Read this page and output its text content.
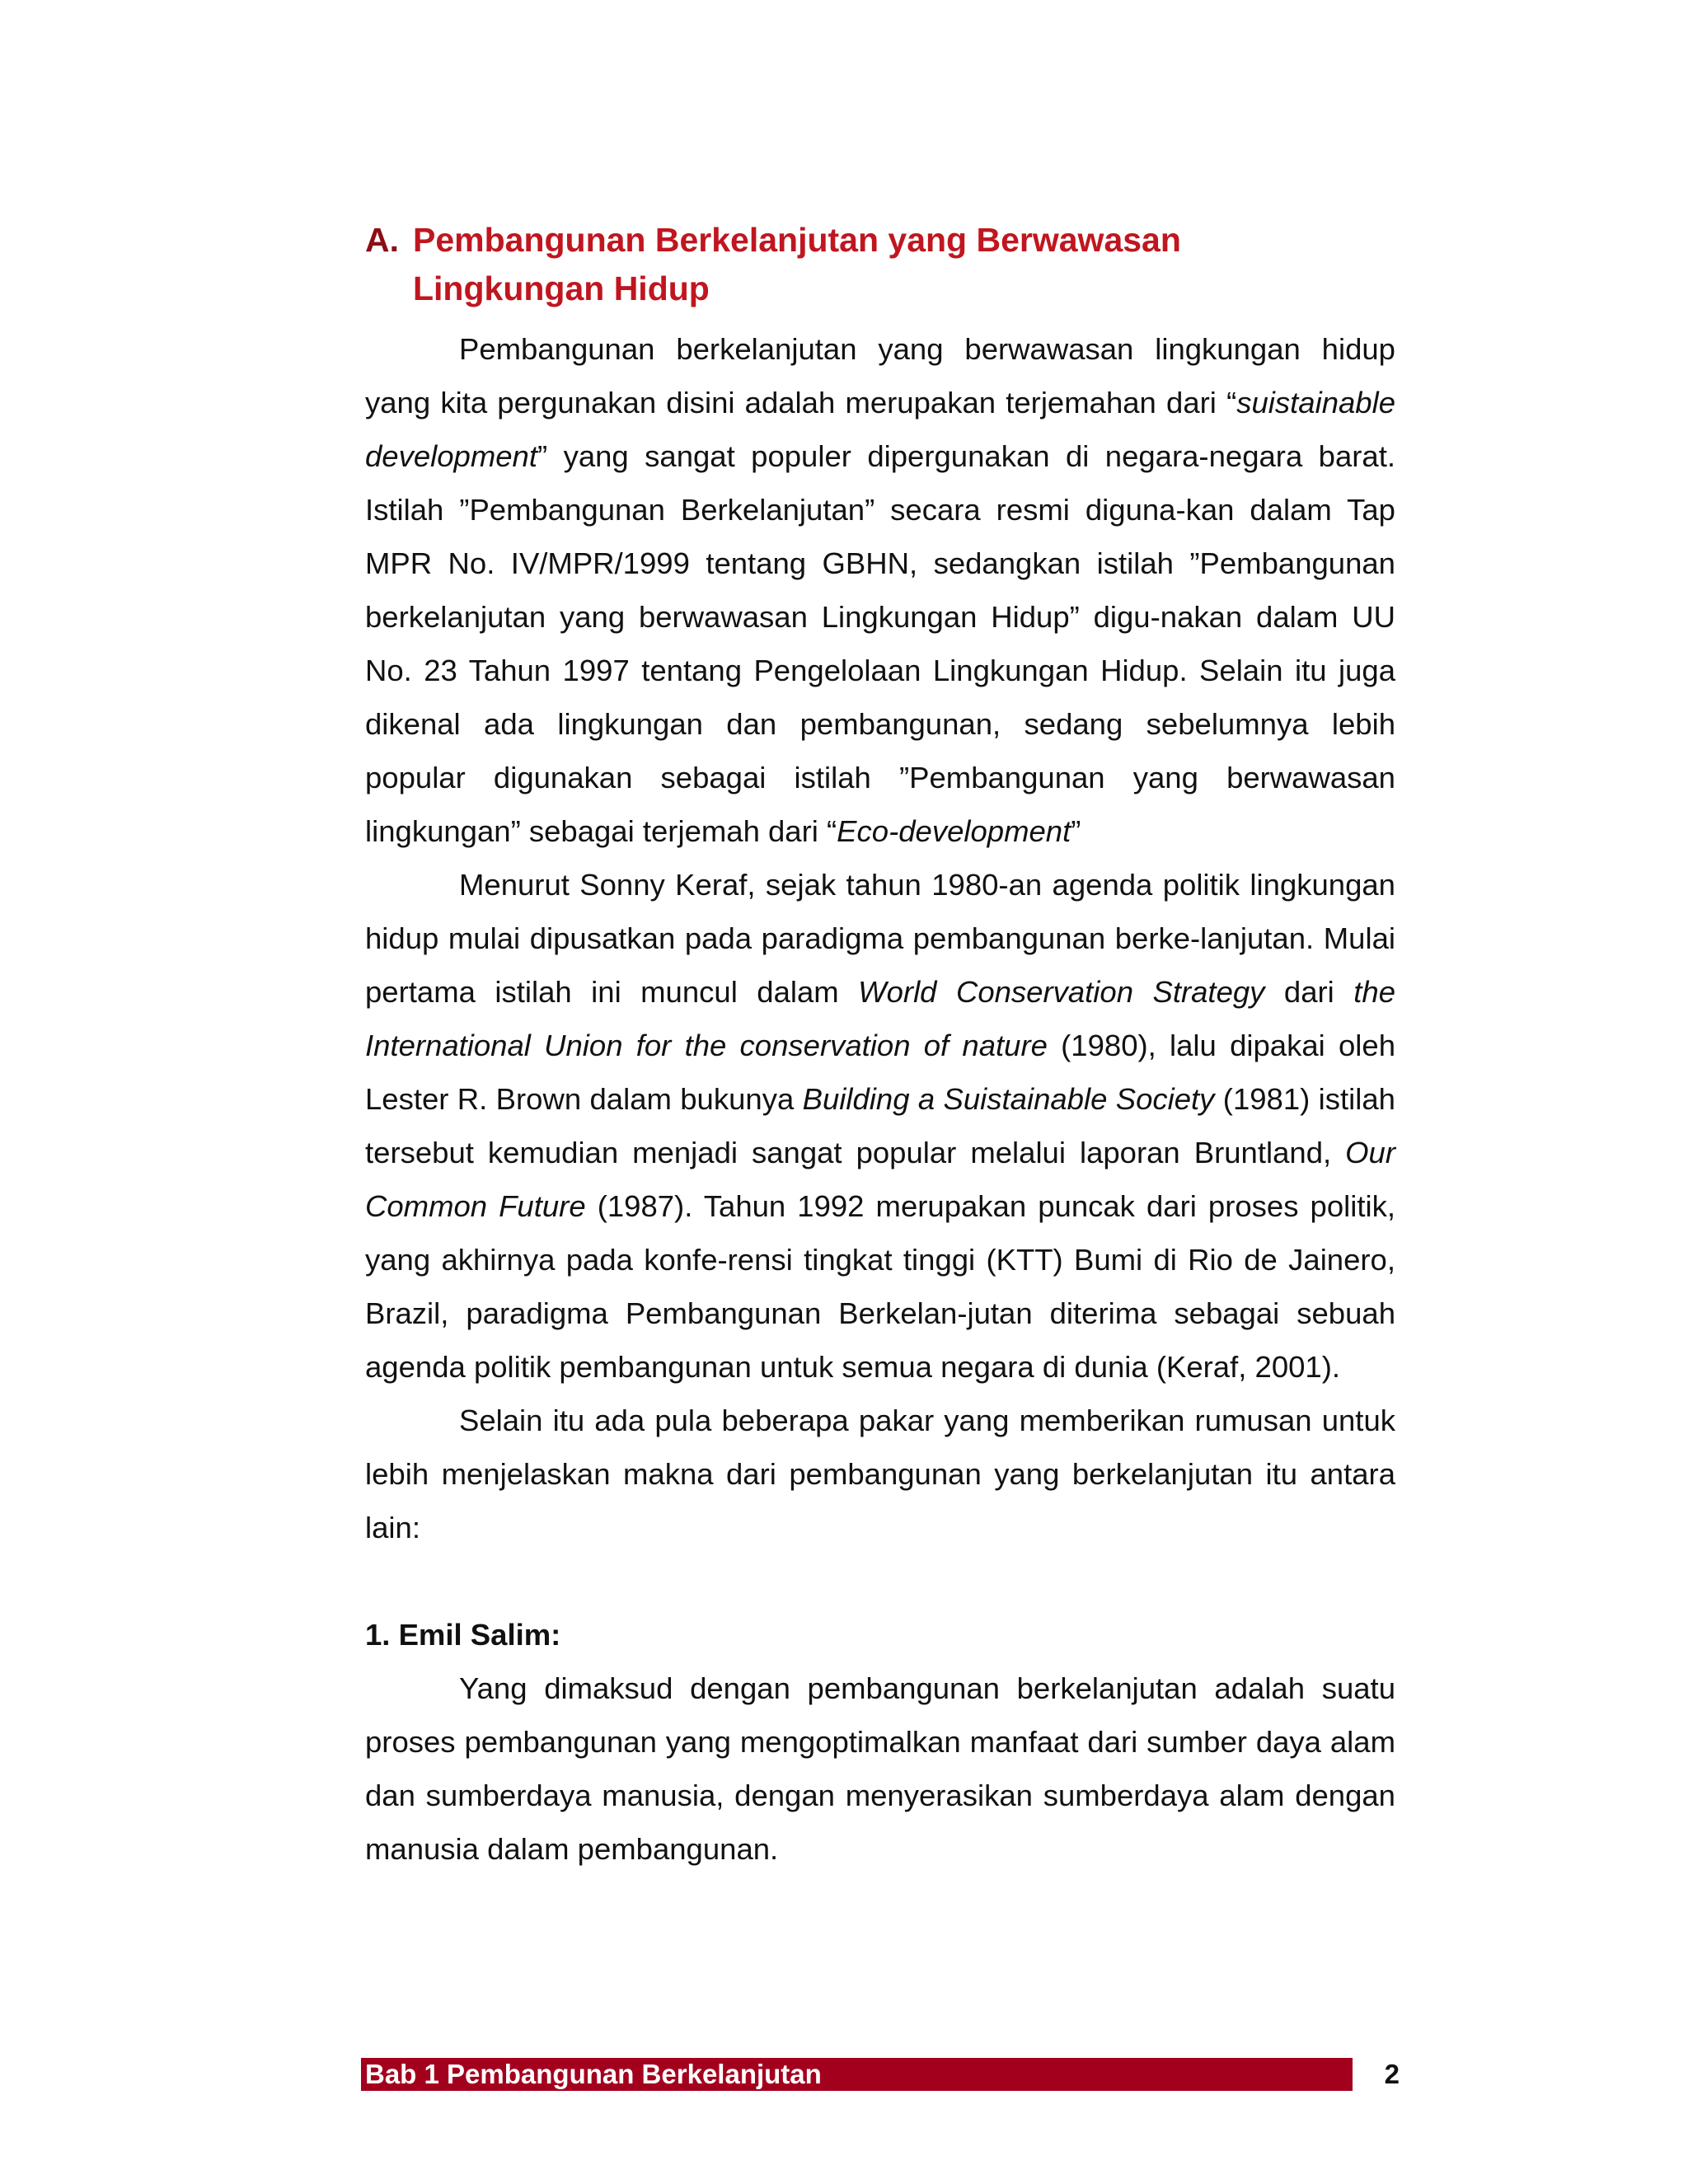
A. Pembangunan Berkelanjutan yang Berwawasan
Lingkungan Hidup

Pembangunan berkelanjutan yang berwawasan lingkungan hidup yang kita pergunakan disini adalah merupakan terjemahan dari “suistainable development” yang sangat populer dipergunakan di negara-negara barat. Istilah ”Pembangunan Berkelanjutan” secara resmi diguna-kan dalam Tap MPR No. IV/MPR/1999 tentang GBHN, sedangkan istilah ”Pembangunan berkelanjutan yang berwawasan Lingkungan Hidup” digu-nakan dalam UU No. 23 Tahun 1997 tentang Pengelolaan Lingkungan Hidup. Selain itu juga dikenal ada lingkungan dan pembangunan, sedang sebelumnya lebih popular digunakan sebagai istilah ”Pembangunan yang berwawasan lingkungan” sebagai terjemah dari “Eco-development”

Menurut Sonny Keraf, sejak tahun 1980-an agenda politik lingkungan hidup mulai dipusatkan pada paradigma pembangunan berke-lanjutan. Mulai pertama istilah ini muncul dalam World Conservation Strategy dari the International Union for the conservation of nature (1980), lalu dipakai oleh Lester R. Brown dalam bukunya Building a Suistainable Society (1981) istilah tersebut kemudian menjadi sangat popular melalui laporan Bruntland, Our Common Future (1987). Tahun 1992 merupakan puncak dari proses politik, yang akhirnya pada konfe-rensi tingkat tinggi (KTT) Bumi di Rio de Jainero, Brazil, paradigma Pembangunan Berkelan-jutan diterima sebagai sebuah agenda politik pembangunan untuk semua negara di dunia (Keraf, 2001).

Selain itu ada pula beberapa pakar yang memberikan rumusan untuk lebih menjelaskan makna dari pembangunan yang berkelanjutan itu antara lain:

1. Emil Salim:

Yang dimaksud dengan pembangunan berkelanjutan adalah suatu proses pembangunan yang mengoptimalkan manfaat dari sumber daya alam dan sumberdaya manusia, dengan menyerasikan sumberdaya alam dengan manusia dalam pembangunan.

Bab 1 Pembangunan Berkelanjutan	2
